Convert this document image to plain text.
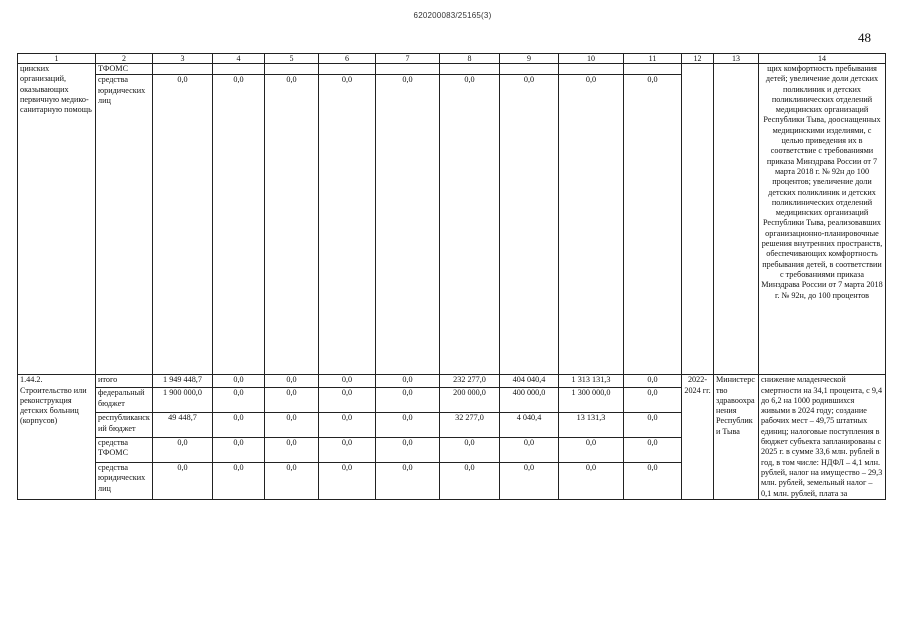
620200083/25165(3)
48
1	2	3	4	5	6	7	8	9	10	11	12	13	14
цинских организаций, оказывающих первичную медико-санитарную помощь	ТФОМС												щих комфортность пребывания детей; увеличение доли детских поликлиник и детских поликлинических отделений медицинских организаций Республики Тыва, дооснащенных медицинскими изделиями, с целью приведения их в соответствие с требованиями приказа Минздрава России от 7 марта 2018 г. № 92н до 100 процентов; увеличение доли детских поликлиник и детских поликлинических отделений медицинских организаций Республики Тыва, реализовавших организационно-планировочные решения внутренних пространств, обеспечивающих комфортность пребывания детей, в соответствии с требованиями приказа Минздрава России от 7 марта 2018 г. № 92н, до 100 процентов
	средства юридических лиц	0,0	0,0	0,0	0,0	0,0	0,0	0,0	0,0	0,0			
1.44.2. Строительство или реконструкция детских больниц (корпусов)	итого	1 949 448,7	0,0	0,0	0,0	0,0	232 277,0	404 040,4	1 313 131,3	0,0	2022-2024 гг.	Министерство здравоохранения Республики Тыва	снижение младенческой смертности на 34,1 процента, с 9,4 до 6,2 на 1000 родившихся живыми в 2024 году; создание рабочих мест – 49,75 штатных единиц; налоговые поступления в бюджет субъекта запланированы с 2025 г. в сумме 33,6 млн. рублей в год, в том числе: НДФЛ – 4,1 млн. рублей, налог на имущество – 29,3 млн. рублей, земельный налог – 0,1 млн. рублей, плата за
	федеральный бюджет	1 900 000,0	0,0	0,0	0,0	0,0	200 000,0	400 000,0	1 300 000,0	0,0			
	республиканский бюджет	49 448,7	0,0	0,0	0,0	0,0	32 277,0	4 040,4	13 131,3	0,0			
	средства ТФОМС	0,0	0,0	0,0	0,0	0,0	0,0	0,0	0,0	0,0			
	средства юридических лиц	0,0	0,0	0,0	0,0	0,0	0,0	0,0	0,0	0,0			
